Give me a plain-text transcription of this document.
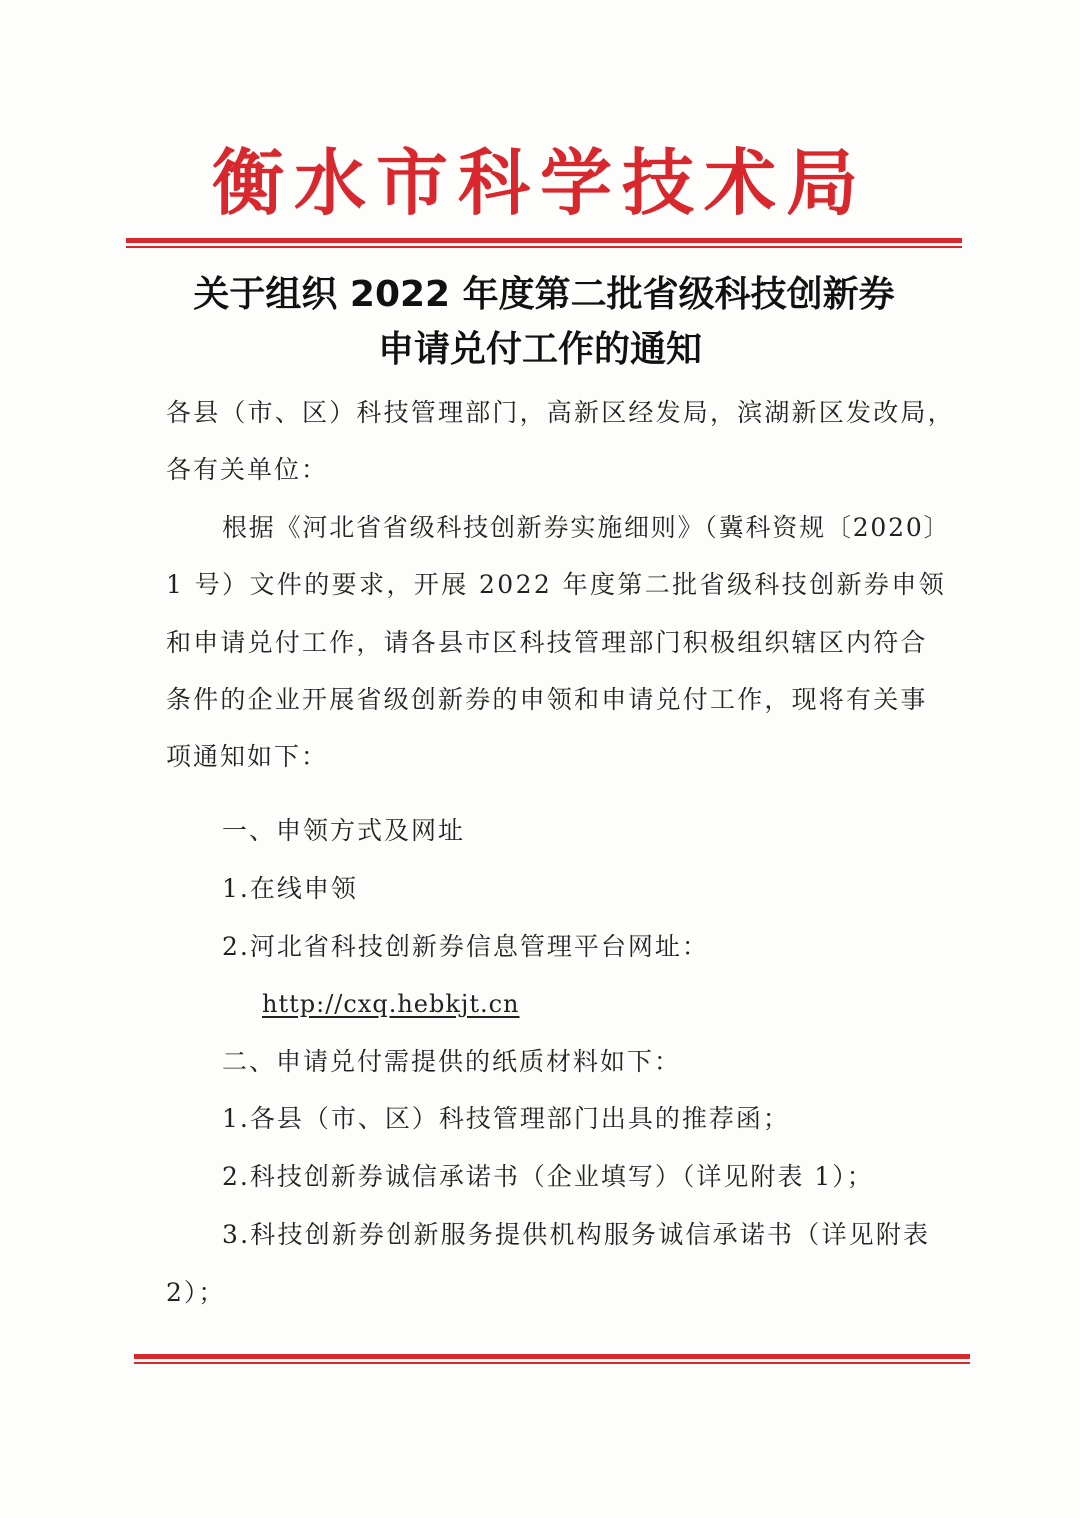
衡水市科学技术局
关于组织 2022 年度第二批省级科技创新券
申请兑付工作的通知
各县（市、区）科技管理部门，高新区经发局，滨湖新区发改局，
各有关单位：
根据《河北省省级科技创新券实施细则》（冀科资规〔2020〕
1 号）文件的要求，开展 2022 年度第二批省级科技创新券申领
和申请兑付工作，请各县市区科技管理部门积极组织辖区内符合
条件的企业开展省级创新券的申领和申请兑付工作，现将有关事
项通知如下：
一、申领方式及网址
1.在线申领
2.河北省科技创新券信息管理平台网址：
http://cxq.hebkjt.cn
二、申请兑付需提供的纸质材料如下：
1.各县（市、区）科技管理部门出具的推荐函；
2.科技创新券诚信承诺书（企业填写）（详见附表 1）；
3.科技创新券创新服务提供机构服务诚信承诺书（详见附表
2）；
